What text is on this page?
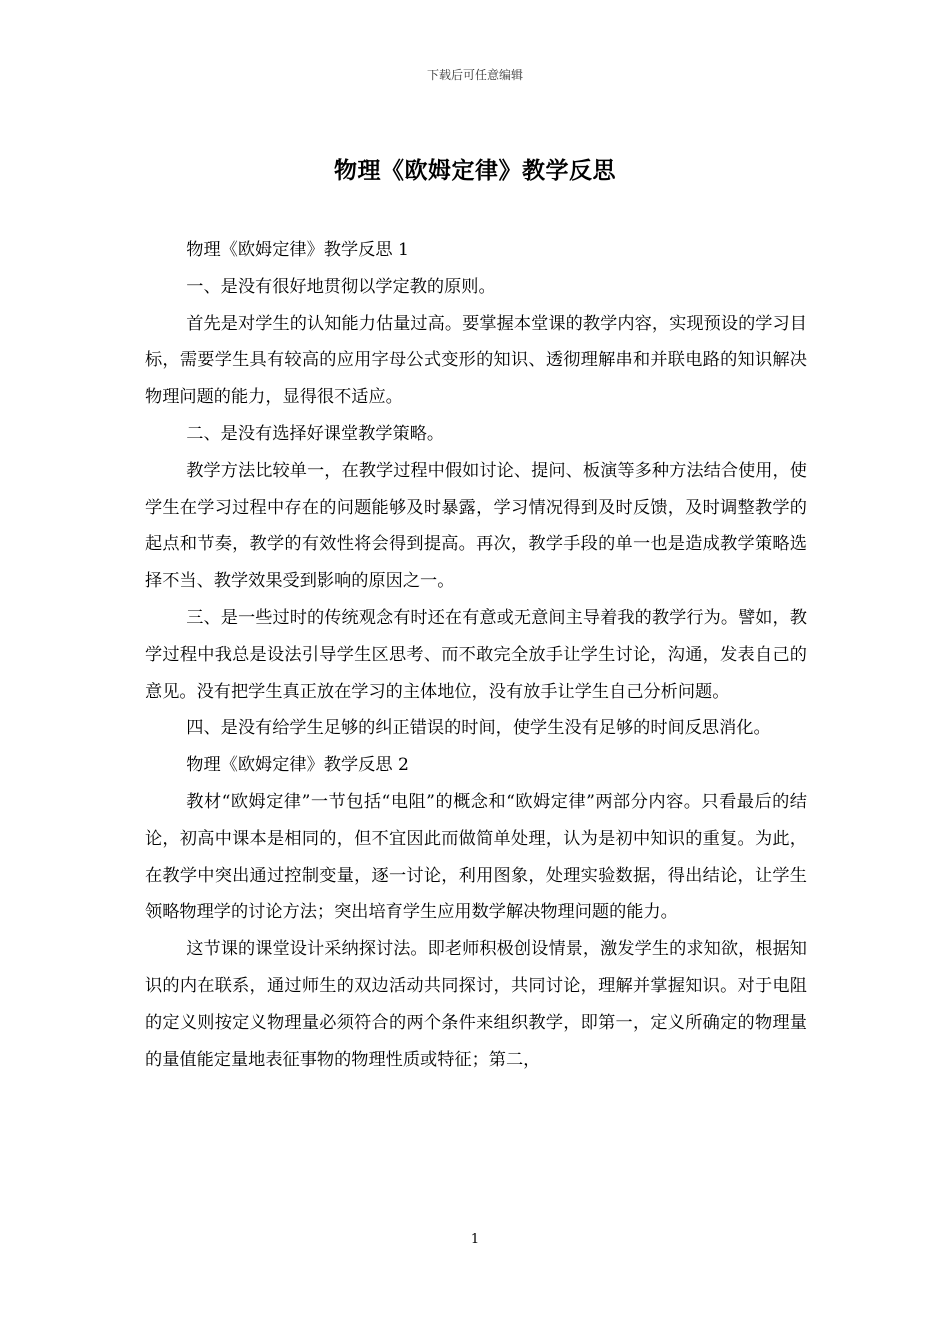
下载后可任意编辑
物理《欧姆定律》教学反思

物理《欧姆定律》教学反思 1

一、是没有很好地贯彻以学定教的原则。

首先是对学生的认知能力估量过高。要掌握本堂课的教学内容，实现预设的学习目标，需要学生具有较高的应用字母公式变形的知识、透彻理解串和并联电路的知识解决物理问题的能力，显得很不适应。

二、是没有选择好课堂教学策略。

教学方法比较单一，在教学过程中假如讨论、提问、板演等多种方法结合使用，使学生在学习过程中存在的问题能够及时暴露，学习情况得到及时反馈，及时调整教学的起点和节奏，教学的有效性将会得到提高。再次，教学手段的单一也是造成教学策略选择不当、教学效果受到影响的原因之一。

三、是一些过时的传统观念有时还在有意或无意间主导着我的教学行为。譬如，教学过程中我总是设法引导学生区思考、而不敢完全放手让学生讨论，沟通，发表自己的意见。没有把学生真正放在学习的主体地位，没有放手让学生自己分析问题。

四、是没有给学生足够的纠正错误的时间，使学生没有足够的时间反思消化。

物理《欧姆定律》教学反思 2

教材“欧姆定律”一节包括“电阻”的概念和“欧姆定律”两部分内容。只看最后的结论，初高中课本是相同的，但不宜因此而做简单处理，认为是初中知识的重复。为此，在教学中突出通过控制变量，逐一讨论，利用图象，处理实验数据，得出结论，让学生领略物理学的讨论方法；突出培育学生应用数学解决物理问题的能力。

这节课的课堂设计采纳探讨法。即老师积极创设情景，激发学生的求知欲，根据知识的内在联系，通过师生的双边活动共同探讨，共同讨论，理解并掌握知识。对于电阻的定义则按定义物理量必须符合的两个条件来组织教学，即第一，定义所确定的物理量的量值能定量地表征事物的物理性质或特征；第二，

1
